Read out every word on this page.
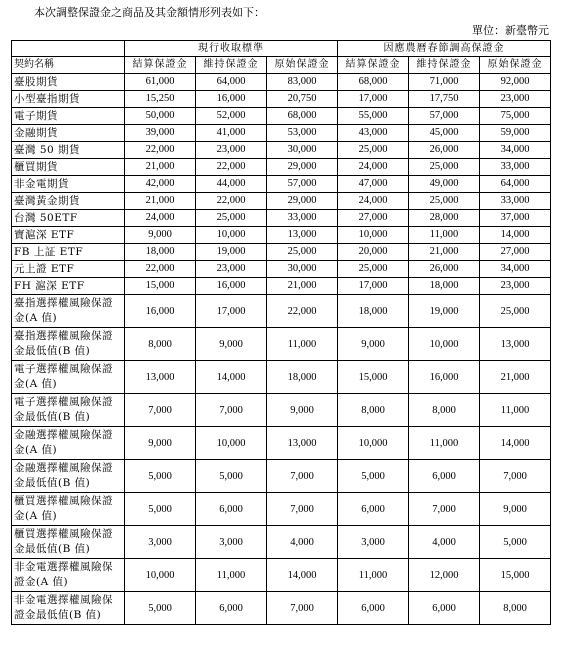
本次調整保證金之商品及其金額情形列表如下：
單位：新臺幣元
	現行收取標準			因應農曆春節調高保證金		
契約名稱	結算保證金	維持保證金	原始保證金	結算保證金	維持保證金	原始保證金
臺股期貨	61,000	64,000	83,000	68,000	71,000	92,000
小型臺指期貨	15,250	16,000	20,750	17,000	17,750	23,000
電子期貨	50,000	52,000	68,000	55,000	57,000	75,000
金融期貨	39,000	41,000	53,000	43,000	45,000	59,000
臺灣 50 期貨	22,000	23,000	30,000	25,000	26,000	34,000
櫃買期貨	21,000	22,000	29,000	24,000	25,000	33,000
非金電期貨	42,000	44,000	57,000	47,000	49,000	64,000
臺灣黃金期貨	21,000	22,000	29,000	24,000	25,000	33,000
台灣 50ETF	24,000	25,000	33,000	27,000	28,000	37,000
寶滬深 ETF	9,000	10,000	13,000	10,000	11,000	14,000
FB 上証 ETF	18,000	19,000	25,000	20,000	21,000	27,000
元上證 ETF	22,000	23,000	30,000	25,000	26,000	34,000
FH 滬深 ETF	15,000	16,000	21,000	17,000	18,000	23,000
臺指選擇權風險保證金(A 值)	16,000	17,000	22,000	18,000	19,000	25,000
臺指選擇權風險保證金最低值(B 值)	8,000	9,000	11,000	9,000	10,000	13,000
電子選擇權風險保證金(A 值)	13,000	14,000	18,000	15,000	16,000	21,000
電子選擇權風險保證金最低值(B 值)	7,000	7,000	9,000	8,000	8,000	11,000
金融選擇權風險保證金(A 值)	9,000	10,000	13,000	10,000	11,000	14,000
金融選擇權風險保證金最低值(B 值)	5,000	5,000	7,000	5,000	6,000	7,000
櫃買選擇權風險保證金(A 值)	5,000	6,000	7,000	6,000	7,000	9,000
櫃買選擇權風險保證金最低值(B 值)	3,000	3,000	4,000	3,000	4,000	5,000
非金電選擇權風險保證金(A 值)	10,000	11,000	14,000	11,000	12,000	15,000
非金電選擇權風險保證金最低值(B 值)	5,000	6,000	7,000	6,000	6,000	8,000
